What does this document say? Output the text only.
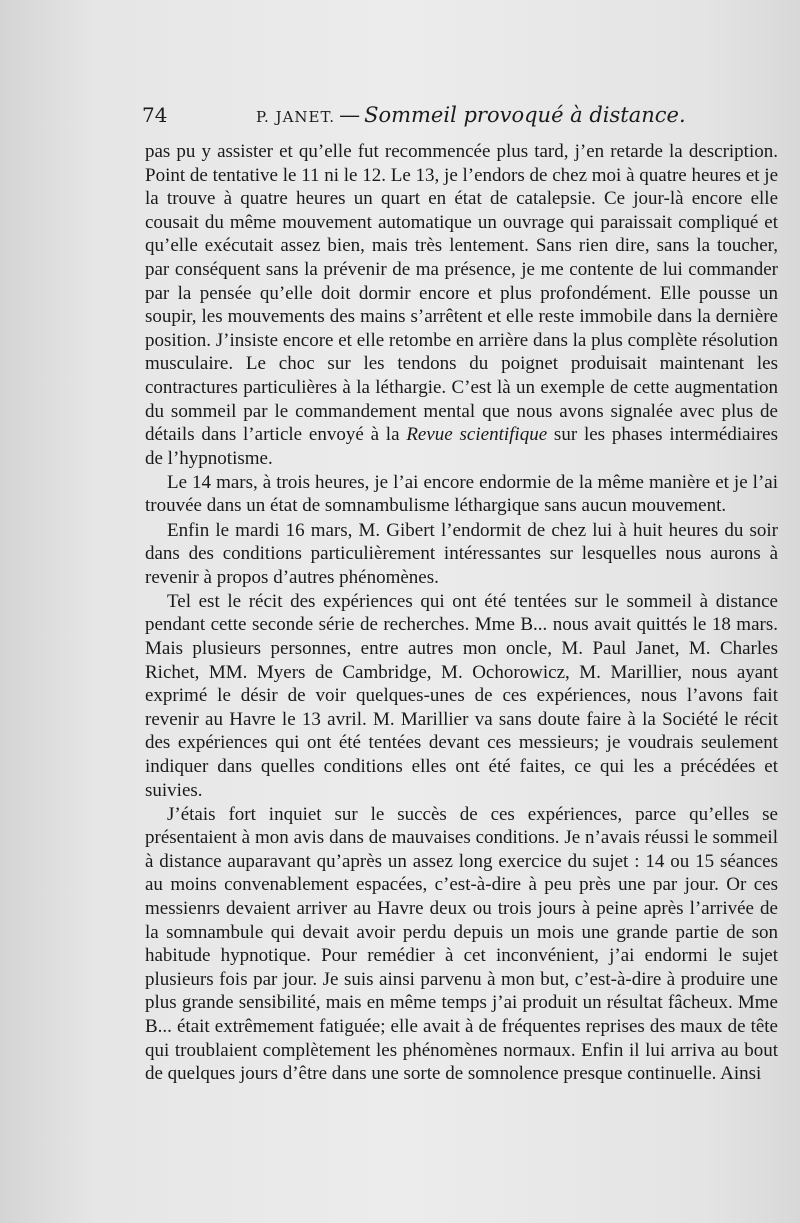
74	P. JANET. — Sommeil provoqué à distance.

pas pu y assister et qu’elle fut recommencée plus tard, j’en retarde la description. Point de tentative le 11 ni le 12. Le 13, je l’endors de chez moi à quatre heures et je la trouve à quatre heures un quart en état de catalepsie. Ce jour-là encore elle cousait du même mouvement automatique un ouvrage qui paraissait compliqué et qu’elle exécutait assez bien, mais très lentement. Sans rien dire, sans la toucher, par conséquent sans la prévenir de ma présence, je me contente de lui commander par la pensée qu’elle doit dormir encore et plus profondément. Elle pousse un soupir, les mouvements des mains s’arrêtent et elle reste immobile dans la dernière position. J’insiste encore et elle retombe en arrière dans la plus complète résolution musculaire. Le choc sur les tendons du poignet produisait maintenant les contractures particulières à la léthargie. C’est là un exemple de cette augmentation du sommeil par le commandement mental que nous avons signalée avec plus de détails dans l’article envoyé à la Revue scientifique sur les phases intermédiaires de l’hypnotisme.

Le 14 mars, à trois heures, je l’ai encore endormie de la même manière et je l’ai trouvée dans un état de somnambulisme léthargique sans aucun mouvement.

Enfin le mardi 16 mars, M. Gibert l’endormit de chez lui à huit heures du soir dans des conditions particulièrement intéressantes sur lesquelles nous aurons à revenir à propos d’autres phénomènes.

Tel est le récit des expériences qui ont été tentées sur le sommeil à distance pendant cette seconde série de recherches. Mme B... nous avait quittés le 18 mars. Mais plusieurs personnes, entre autres mon oncle, M. Paul Janet, M. Charles Richet, MM. Myers de Cambridge, M. Ochorowicz, M. Marillier, nous ayant exprimé le désir de voir quelques-unes de ces expériences, nous l’avons fait revenir au Havre le 13 avril. M. Marillier va sans doute faire à la Société le récit des expériences qui ont été tentées devant ces messieurs; je voudrais seulement indiquer dans quelles conditions elles ont été faites, ce qui les a précédées et suivies.

J’étais fort inquiet sur le succès de ces expériences, parce qu’elles se présentaient à mon avis dans de mauvaises conditions. Je n’avais réussi le sommeil à distance auparavant qu’après un assez long exercice du sujet : 14 ou 15 séances au moins convenablement espacées, c’est-à-dire à peu près une par jour. Or ces messienrs devaient arriver au Havre deux ou trois jours à peine après l’arrivée de la somnambule qui devait avoir perdu depuis un mois une grande partie de son habitude hypnotique. Pour remédier à cet inconvénient, j’ai endormi le sujet plusieurs fois par jour. Je suis ainsi parvenu à mon but, c’est-à-dire à produire une plus grande sensibilité, mais en même temps j’ai produit un résultat fâcheux. Mme B... était extrêmement fatiguée; elle avait à de fréquentes reprises des maux de tête qui troublaient complètement les phénomènes normaux. Enfin il lui arriva au bout de quelques jours d’être dans une sorte de somnolence presque continuelle. Ainsi
